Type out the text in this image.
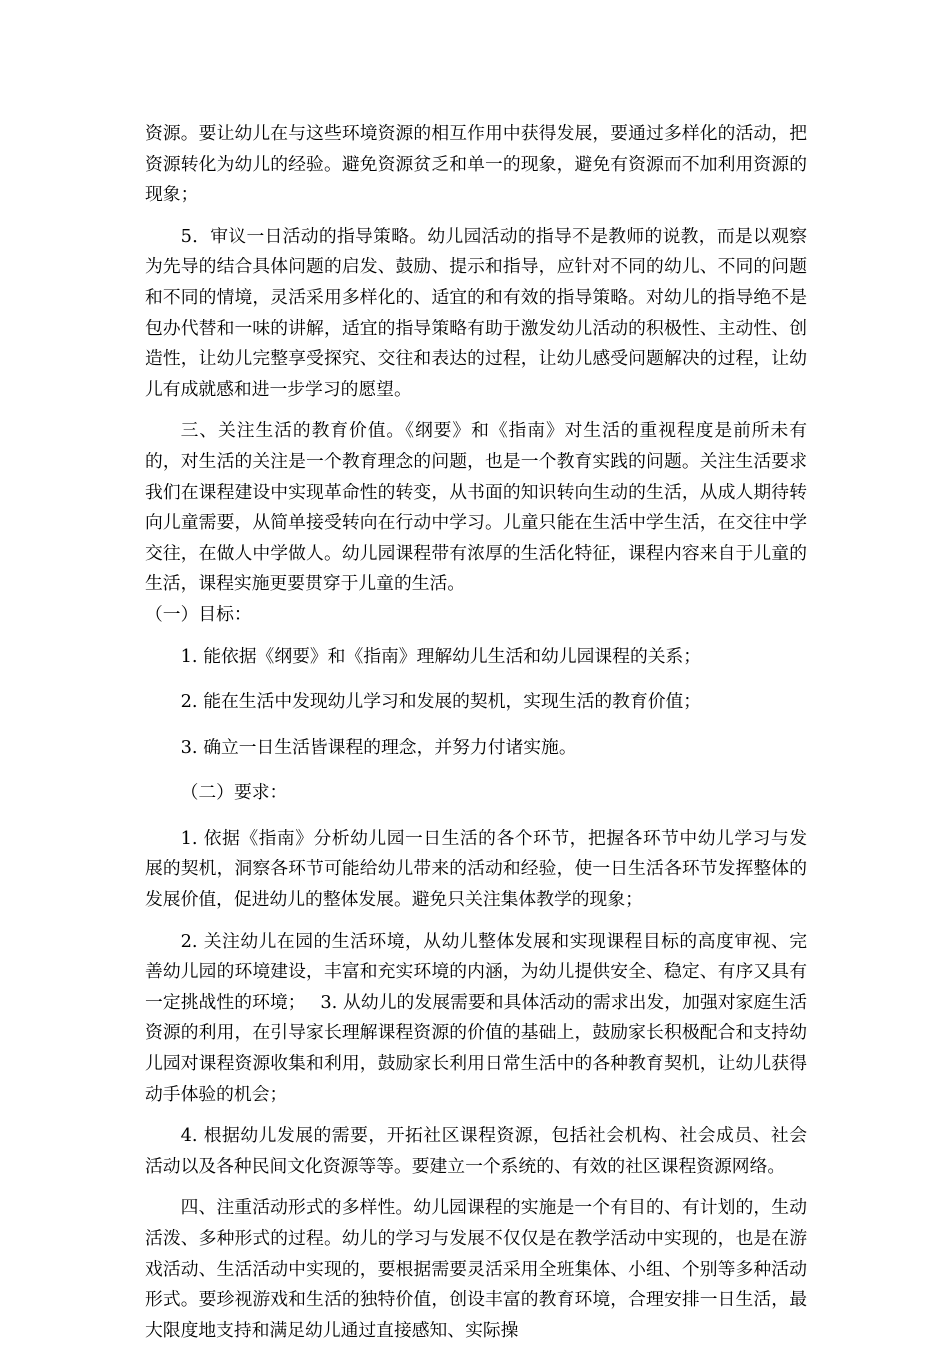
资源。要让幼儿在与这些环境资源的相互作用中获得发展，要通过多样化的活动，把资源转化为幼儿的经验。避免资源贫乏和单一的现象，避免有资源而不加利用资源的现象；

5．审议一日活动的指导策略。幼儿园活动的指导不是教师的说教，而是以观察为先导的结合具体问题的启发、鼓励、提示和指导，应针对不同的幼儿、不同的问题和不同的情境，灵活采用多样化的、适宜的和有效的指导策略。对幼儿的指导绝不是包办代替和一味的讲解，适宜的指导策略有助于激发幼儿活动的积极性、主动性、创造性，让幼儿完整享受探究、交往和表达的过程，让幼儿感受问题解决的过程，让幼儿有成就感和进一步学习的愿望。

三、关注生活的教育价值。《纲要》和《指南》对生活的重视程度是前所未有的，对生活的关注是一个教育理念的问题，也是一个教育实践的问题。关注生活要求我们在课程建设中实现革命性的转变，从书面的知识转向生动的生活，从成人期待转向儿童需要，从简单接受转向在行动中学习。儿童只能在生活中学生活，在交往中学交往，在做人中学做人。幼儿园课程带有浓厚的生活化特征，课程内容来自于儿童的生活，课程实施更要贯穿于儿童的生活。

（一）目标：

1. 能依据《纲要》和《指南》理解幼儿生活和幼儿园课程的关系；

2. 能在生活中发现幼儿学习和发展的契机，实现生活的教育价值；

3. 确立一日生活皆课程的理念，并努力付诸实施。

（二）要求：

1. 依据《指南》分析幼儿园一日生活的各个环节，把握各环节中幼儿学习与发展的契机，洞察各环节可能给幼儿带来的活动和经验，使一日生活各环节发挥整体的发展价值，促进幼儿的整体发展。避免只关注集体教学的现象；

2. 关注幼儿在园的生活环境，从幼儿整体发展和实现课程目标的高度审视、完善幼儿园的环境建设，丰富和充实环境的内涵，为幼儿提供安全、稳定、有序又具有一定挑战性的环境；　 3. 从幼儿的发展需要和具体活动的需求出发，加强对家庭生活资源的利用，在引导家长理解课程资源的价值的基础上，鼓励家长积极配合和支持幼儿园对课程资源收集和利用，鼓励家长利用日常生活中的各种教育契机，让幼儿获得动手体验的机会；

4. 根据幼儿发展的需要，开拓社区课程资源，包括社会机构、社会成员、社会活动以及各种民间文化资源等等。要建立一个系统的、有效的社区课程资源网络。

四、注重活动形式的多样性。幼儿园课程的实施是一个有目的、有计划的，生动活泼、多种形式的过程。幼儿的学习与发展不仅仅是在教学活动中实现的，也是在游戏活动、生活活动中实现的，要根据需要灵活采用全班集体、小组、个别等多种活动形式。要珍视游戏和生活的独特价值，创设丰富的教育环境，合理安排一日生活，最大限度地支持和满足幼儿通过直接感知、实际操
